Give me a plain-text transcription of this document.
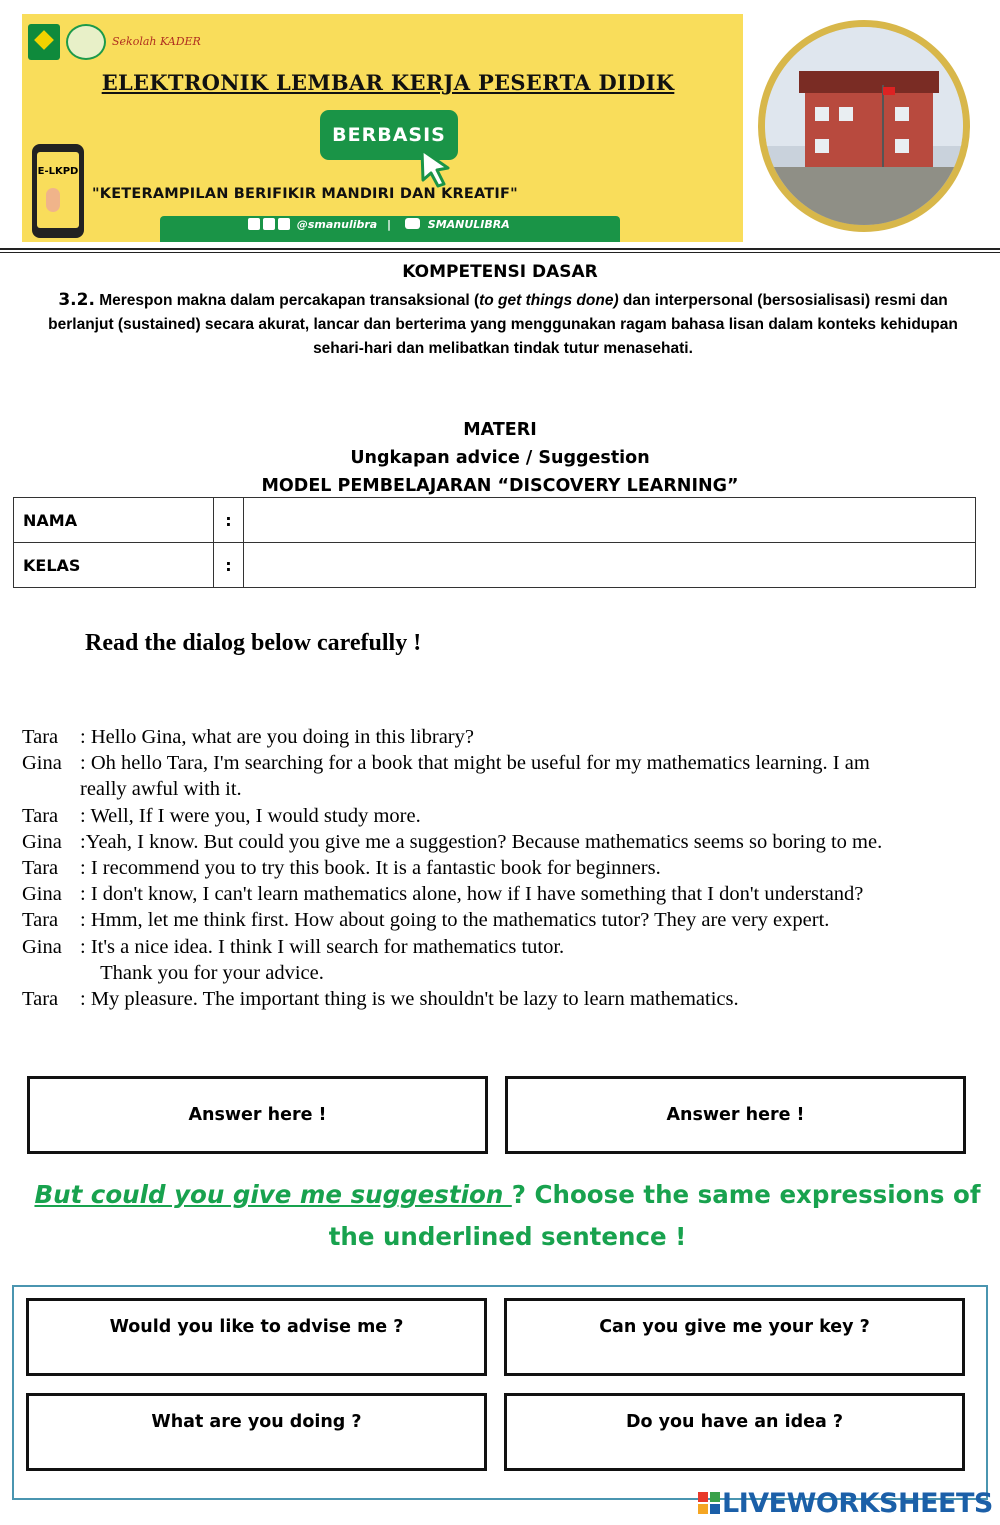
Sekolah KADER
ELEKTRONIK LEMBAR KERJA PESERTA DIDIK
BERBASIS
E-LKPD
"KETERAMPILAN BERIFIKIR MANDIRI DAN KREATIF"
@smanulibra |	SMANULIBRA
KOMPETENSI DASAR
3.2. Merespon makna dalam percakapan transaksional (to get things done) dan interpersonal (bersosialisasi) resmi dan berlanjut (sustained) secara akurat, lancar dan berterima yang menggunakan ragam bahasa lisan dalam konteks kehidupan sehari-hari dan melibatkan tindak tutur menasehati.
MATERI
Ungkapan advice / Suggestion
MODEL PEMBELAJARAN “DISCOVERY LEARNING”
NAMA	:	
KELAS	:	
Read the dialog below carefully !
Tara	: Hello Gina, what are you doing in this library?
Gina : Oh hello Tara, I'm searching for a book that might be useful for my mathematics learning. I am
really awful with it.
Tara	: Well, If I were you, I would study more.
Gina :Yeah, I know. But could you give me a suggestion? Because mathematics seems so boring to me.
Tara	: I recommend you to try this book. It is a fantastic book for beginners.
Gina : I don't know, I can't learn mathematics alone, how if I have something that I don't understand?
Tara	: Hmm, let me think first. How about going to the mathematics tutor? They are very expert.
Gina : It's a nice idea. I think I will search for mathematics tutor.
Thank you for your advice.
Tara	: My pleasure. The important thing is we shouldn't be lazy to learn mathematics.
Answer here !	Answer here !
But could you give me suggestion ? Choose the same expressions of the underlined sentence !
Would you like to advise me ?	Can you give me your key ?
What are you doing ?	Do you have an idea ?
LIVEWORKSHEETS
